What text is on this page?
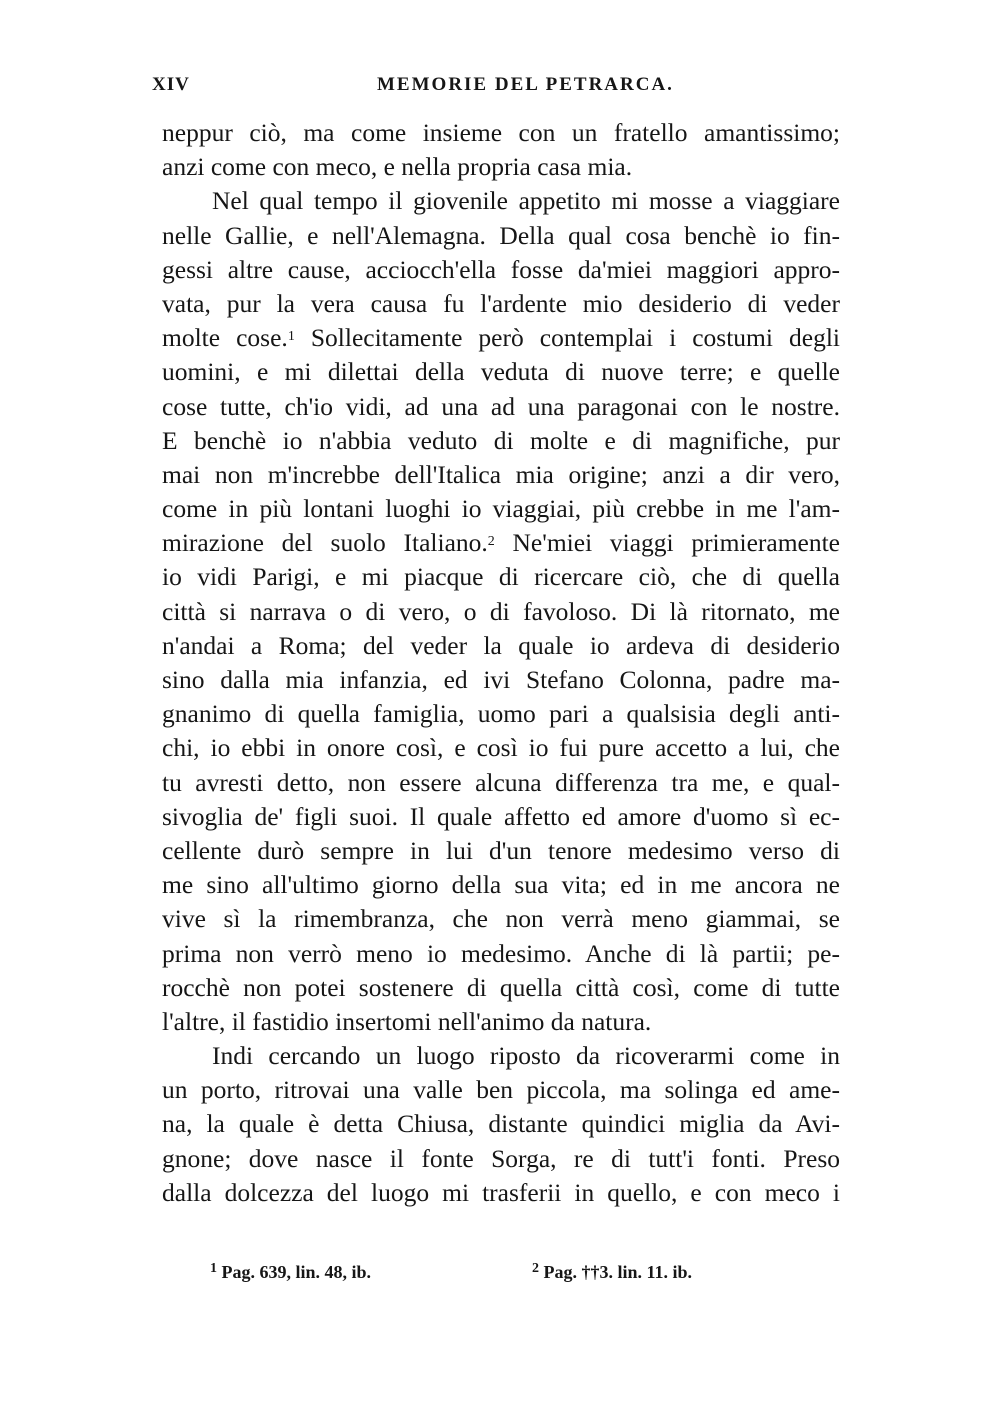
XIV	MEMORIE DEL PETRARCA.
neppur ciò, ma come insieme con un fratello amantissimo;
anzi come con meco, e nella propria casa mia.
Nel qual tempo il giovenile appetito mi mosse a viaggiare
nelle Gallie, e nell'Alemagna. Della qual cosa benchè io fin-
gessi altre cause, acciocch'ella fosse da'miei maggiori appro-
vata, pur la vera causa fu l'ardente mio desiderio di veder
molte cose.$^1$ Sollecitamente però contemplai i costumi degli
uomini, e mi dilettai della veduta di nuove terre; e quelle
cose tutte, ch'io vidi, ad una ad una paragonai con le nostre.
E benchè io n'abbia veduto di molte e di magnifiche, pur
mai non m'increbbe dell'Italica mia origine; anzi a dir vero,
come in più lontani luoghi io viaggiai, più crebbe in me l'am-
mirazione del suolo Italiano.$^2$ Ne'miei viaggi primieramente
io vidi Parigi, e mi piacque di ricercare ciò, che di quella
città si narrava o di vero, o di favoloso. Di là ritornato, me
n'andai a Roma; del veder la quale io ardeva di desiderio
sino dalla mia infanzia, ed ivi Stefano Colonna, padre ma-
gnanimo di quella famiglia, uomo pari a qualsisia degli anti-
chi, io ebbi in onore così, e così io fui pure accetto a lui, che
tu avresti detto, non essere alcuna differenza tra me, e qual-
sivoglia de' figli suoi. Il quale affetto ed amore d'uomo sì ec-
cellente durò sempre in lui d'un tenore medesimo verso di
me sino all'ultimo giorno della sua vita; ed in me ancora ne
vive sì la rimembranza, che non verrà meno giammai, se
prima non verrò meno io medesimo. Anche di là partii; pe-
rocchè non potei sostenere di quella città così, come di tutte
l'altre, il fastidio insertomi nell'animo da natura.
Indi cercando un luogo riposto da ricoverarmi come in
un porto, ritrovai una valle ben piccola, ma solinga ed ame-
na, la quale è detta Chiusa, distante quindici miglia da Avi-
gnone; dove nasce il fonte Sorga, re di tutt'i fonti. Preso
dalla dolcezza del luogo mi trasferii in quello, e con meco i
$^1$ Pag. 639, lin. 48, ib.	$^2$ Pag. ††3. lin. 11. ib.
